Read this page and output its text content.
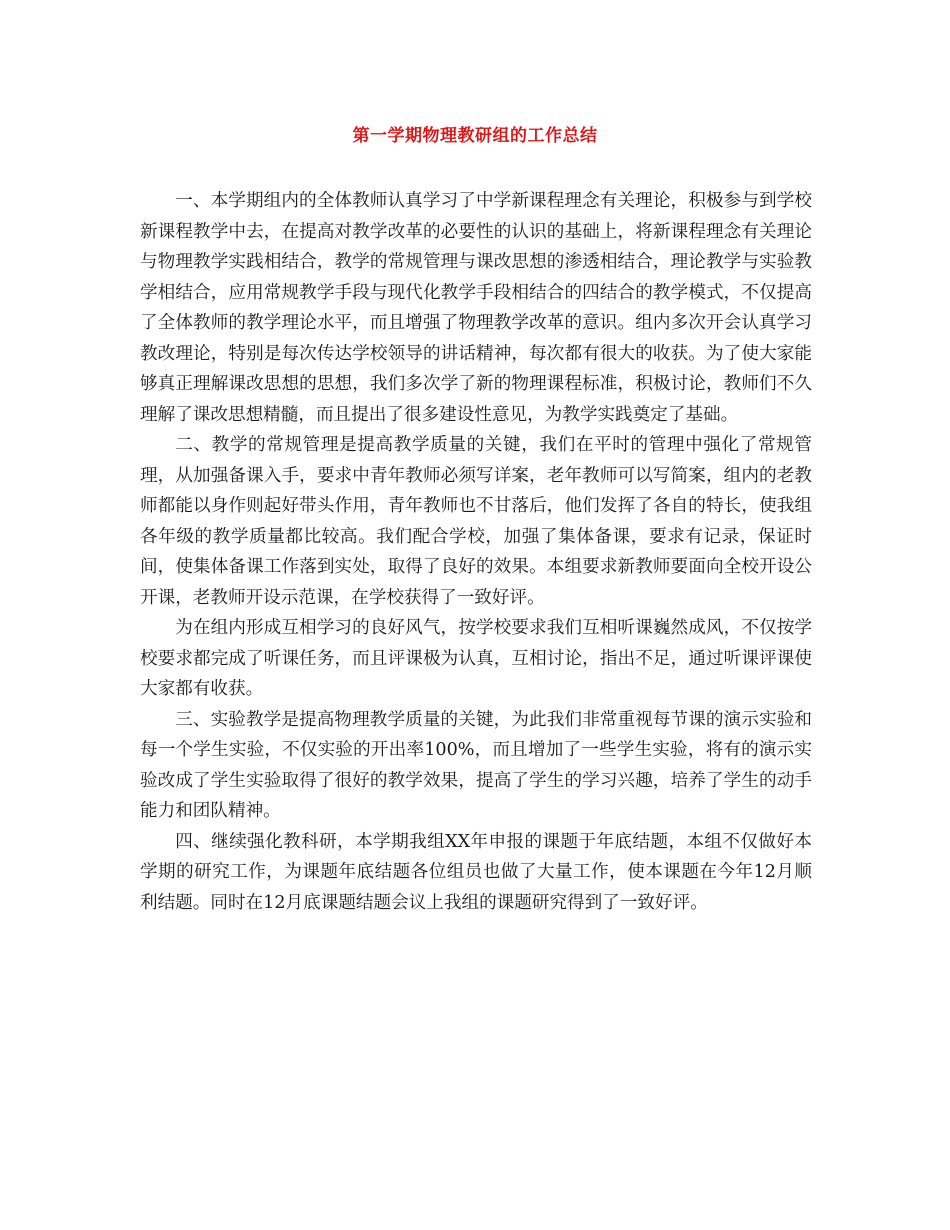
第一学期物理教研组的工作总结

一、本学期组内的全体教师认真学习了中学新课程理念有关理论，积极参与到学校新课程教学中去，在提高对教学改革的必要性的认识的基础上，将新课程理念有关理论与物理教学实践相结合，教学的常规管理与课改思想的渗透相结合，理论教学与实验教学相结合，应用常规教学手段与现代化教学手段相结合的四结合的教学模式，不仅提高了全体教师的教学理论水平，而且增强了物理教学改革的意识。组内多次开会认真学习教改理论，特别是每次传达学校领导的讲话精神，每次都有很大的收获。为了使大家能够真正理解课改思想的思想，我们多次学了新的物理课程标准，积极讨论，教师们不久理解了课改思想精髓，而且提出了很多建设性意见，为教学实践奠定了基础。

二、教学的常规管理是提高教学质量的关键，我们在平时的管理中强化了常规管理，从加强备课入手，要求中青年教师必须写详案，老年教师可以写简案，组内的老教师都能以身作则起好带头作用，青年教师也不甘落后，他们发挥了各自的特长，使我组各年级的教学质量都比较高。我们配合学校，加强了集体备课，要求有记录，保证时间，使集体备课工作落到实处，取得了良好的效果。本组要求新教师要面向全校开设公开课，老教师开设示范课，在学校获得了一致好评。

为在组内形成互相学习的良好风气，按学校要求我们互相听课巍然成风，不仅按学校要求都完成了听课任务，而且评课极为认真，互相讨论，指出不足，通过听课评课使大家都有收获。

三、实验教学是提高物理教学质量的关键，为此我们非常重视每节课的演示实验和每一个学生实验，不仅实验的开出率100%，而且增加了一些学生实验，将有的演示实验改成了学生实验取得了很好的教学效果，提高了学生的学习兴趣，培养了学生的动手能力和团队精神。

四、继续强化教科研，本学期我组XX年申报的课题于年底结题，本组不仅做好本学期的研究工作，为课题年底结题各位组员也做了大量工作，使本课题在今年12月顺利结题。同时在12月底课题结题会议上我组的课题研究得到了一致好评。
